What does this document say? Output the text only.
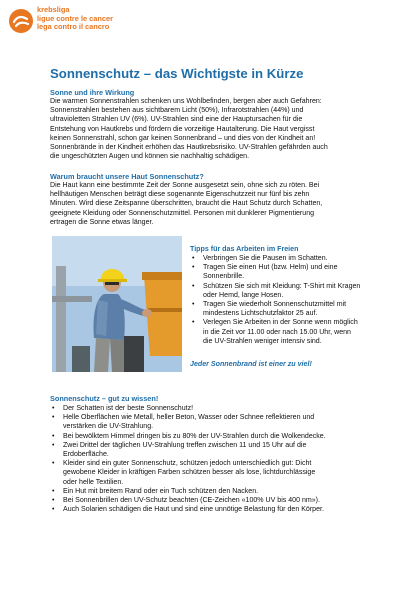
krebsliga
ligue contre le cancer
lega contro il cancro
Sonnenschutz – das Wichtigste in Kürze
Sonne und ihre Wirkung
Die warmen Sonnenstrahlen schenken uns Wohlbefinden, bergen aber auch Gefahren:
Sonnenstrahlen bestehen aus sichtbarem Licht (50%), Infrarotstrahlen (44%) und
ultravioletten Strahlen UV (6%). UV-Strahlen sind eine der Hauptursachen für die
Entstehung von Hautkrebs und fördern die vorzeitige Hautalterung. Die Haut vergisst
keinen Sonnenstrahl, schon gar keinen Sonnenbrand – und dies von der Kindheit an!
Sonnenbrände in der Kindheit erhöhen das Hautkrebsrisiko. UV-Strahlen gefährden auch
die ungeschützten Augen und können sie nachhaltig schädigen.
Warum braucht unsere Haut Sonnenschutz?
Die Haut kann eine bestimmte Zeit der Sonne ausgesetzt sein, ohne sich zu röten. Bei
hellhäutigen Menschen beträgt diese sogenannte Eigenschutzzeit nur fünf bis zehn
Minuten. Wird diese Zeitspanne überschritten, braucht die Haut Schutz durch Schatten,
geeignete Kleidung oder Sonnenschutzmittel. Personen mit dunklerer Pigmentierung
ertragen die Sonne etwas länger.
Tipps für das Arbeiten im Freien
• Verbringen Sie die Pausen im Schatten.
• Tragen Sie einen Hut (bzw. Helm) und eine
Sonnenbrille.
• Schützen Sie sich mit Kleidung: T-Shirt mit Kragen
oder Hemd, lange Hosen.
• Tragen Sie wiederholt Sonnenschutzmittel mit
mindestens Lichtschutzfaktor 25 auf.
• Verlegen Sie Arbeiten in der Sonne wenn möglich
in die Zeit vor 11.00 oder nach 15.00 Uhr, wenn
die UV-Strahlen weniger intensiv sind.
Jeder Sonnenbrand ist einer zu viel!
Sonnenschutz – gut zu wissen!
• Der Schatten ist der beste Sonnenschutz!
• Helle Oberflächen wie Metall, heller Beton, Wasser oder Schnee reflektieren und
verstärken die UV-Strahlung.
• Bei bewölktem Himmel dringen bis zu 80% der UV-Strahlen durch die Wolkendecke.
• Zwei Drittel der täglichen UV-Strahlung treffen zwischen 11 und 15 Uhr auf die
Erdoberfläche.
• Kleider sind ein guter Sonnenschutz, schützen jedoch unterschiedlich gut: Dicht
gewobene Kleider in kräftigen Farben schützen besser als lose, lichtdurchlässige
oder helle Textilien.
• Ein Hut mit breitem Rand oder ein Tuch schützen den Nacken.
• Bei Sonnenbrillen den UV-Schutz beachten (CE-Zeichen «100% UV bis 400 nm»).
• Auch Solarien schädigen die Haut und sind eine unnötige Belastung für den Körper.
